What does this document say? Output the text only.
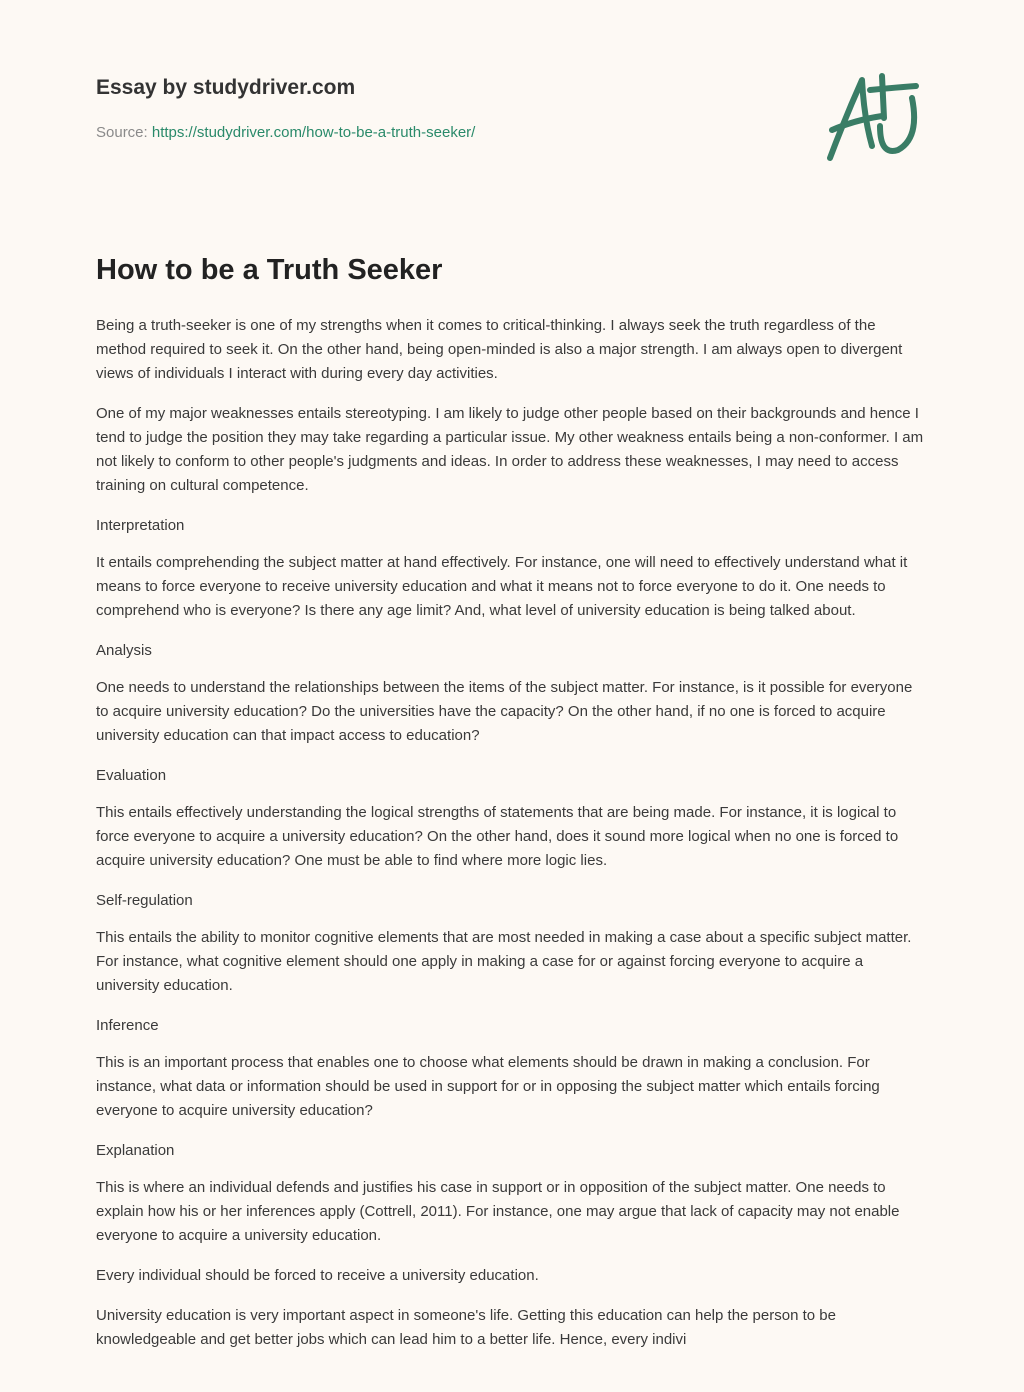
Essay by studydriver.com
Source: https://studydriver.com/how-to-be-a-truth-seeker/
How to be a Truth Seeker

Being a truth-seeker is one of my strengths when it comes to critical-thinking. I always seek the truth regardless of the method required to seek it. On the other hand, being open-minded is also a major strength. I am always open to divergent views of individuals I interact with during every day activities.

One of my major weaknesses entails stereotyping. I am likely to judge other people based on their backgrounds and hence I tend to judge the position they may take regarding a particular issue. My other weakness entails being a non-conformer. I am not likely to conform to other people's judgments and ideas. In order to address these weaknesses, I may need to access training on cultural competence.

Interpretation

It entails comprehending the subject matter at hand effectively. For instance, one will need to effectively understand what it means to force everyone to receive university education and what it means not to force everyone to do it. One needs to comprehend who is everyone? Is there any age limit? And, what level of university education is being talked about.

Analysis

One needs to understand the relationships between the items of the subject matter. For instance, is it possible for everyone to acquire university education? Do the universities have the capacity? On the other hand, if no one is forced to acquire university education can that impact access to education?

Evaluation

This entails effectively understanding the logical strengths of statements that are being made. For instance, it is logical to force everyone to acquire a university education? On the other hand, does it sound more logical when no one is forced to acquire university education? One must be able to find where more logic lies.

Self-regulation

This entails the ability to monitor cognitive elements that are most needed in making a case about a specific subject matter. For instance, what cognitive element should one apply in making a case for or against forcing everyone to acquire a university education.

Inference

This is an important process that enables one to choose what elements should be drawn in making a conclusion. For instance, what data or information should be used in support for or in opposing the subject matter which entails forcing everyone to acquire university education?

Explanation

This is where an individual defends and justifies his case in support or in opposition of the subject matter. One needs to explain how his or her inferences apply (Cottrell, 2011). For instance, one may argue that lack of capacity may not enable everyone to acquire a university education.

Every individual should be forced to receive a university education.

University education is very important aspect in someone's life. Getting this education can help the person to be knowledgeable and get better jobs which can lead him to a better life. Hence, every indivi
